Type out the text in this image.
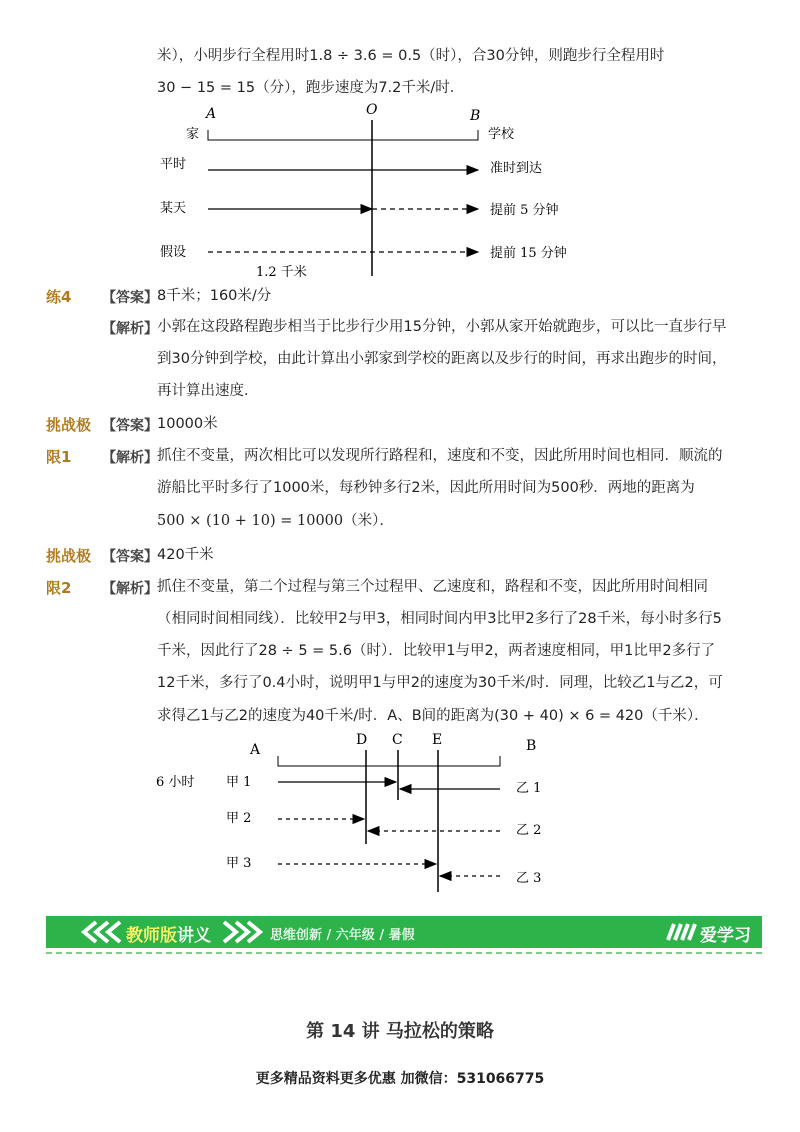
米），小明步行全程用时1.8 ÷ 3.6 = 0.5（时），合30分钟，则跑步行全程用时
30 − 15 = 15（分），跑步速度为7.2千米/时．
A	O	B
家	学校
平时	准时到达
某天	提前 5 分钟
假设	提前 15 分钟
1.2 千米
练4 【答案】 8千米；160米/分
【解析】 小郭在这段路程跑步相当于比步行少用15分钟，小郭从家开始就跑步，可以比一直步行早
到30分钟到学校，由此计算出小郭家到学校的距离以及步行的时间，再求出跑步的时间，
再计算出速度．
挑战极
限1
【答案】 10000米
【解析】 抓住不变量，两次相比可以发现所行路程和，速度和不变，因此所用时间也相同．顺流的
游船比平时多行了1000米，每秒钟多行2米，因此所用时间为500秒．两地的距离为
500 × (10 + 10) = 10000（米）．
挑战极
限2
【答案】 420千米
【解析】 抓住不变量，第二个过程与第三个过程甲、乙速度和，路程和不变，因此所用时间相同
（相同时间相同线）．比较甲2与甲3，相同时间内甲3比甲2多行了28千米，每小时多行5
千米，因此行了28 ÷ 5 = 5.6（时）．比较甲1与甲2，两者速度相同，甲1比甲2多行了
12千米，多行了0.4小时，说明甲1与甲2的速度为30千米/时．同理，比较乙1与乙2，可
求得乙1与乙2的速度为40千米/时．A、B间的距离为(30 + 40) × 6 = 420（千米）．
A
D C E	B
6 小时 甲 1	乙 1
甲 2
乙 2
甲 3
乙 3
教师版讲义	思维创新 / 六年级 / 暑假	爱学习
第 14 讲 马拉松的策略
更多精品资料更多优惠 加微信：531066775
